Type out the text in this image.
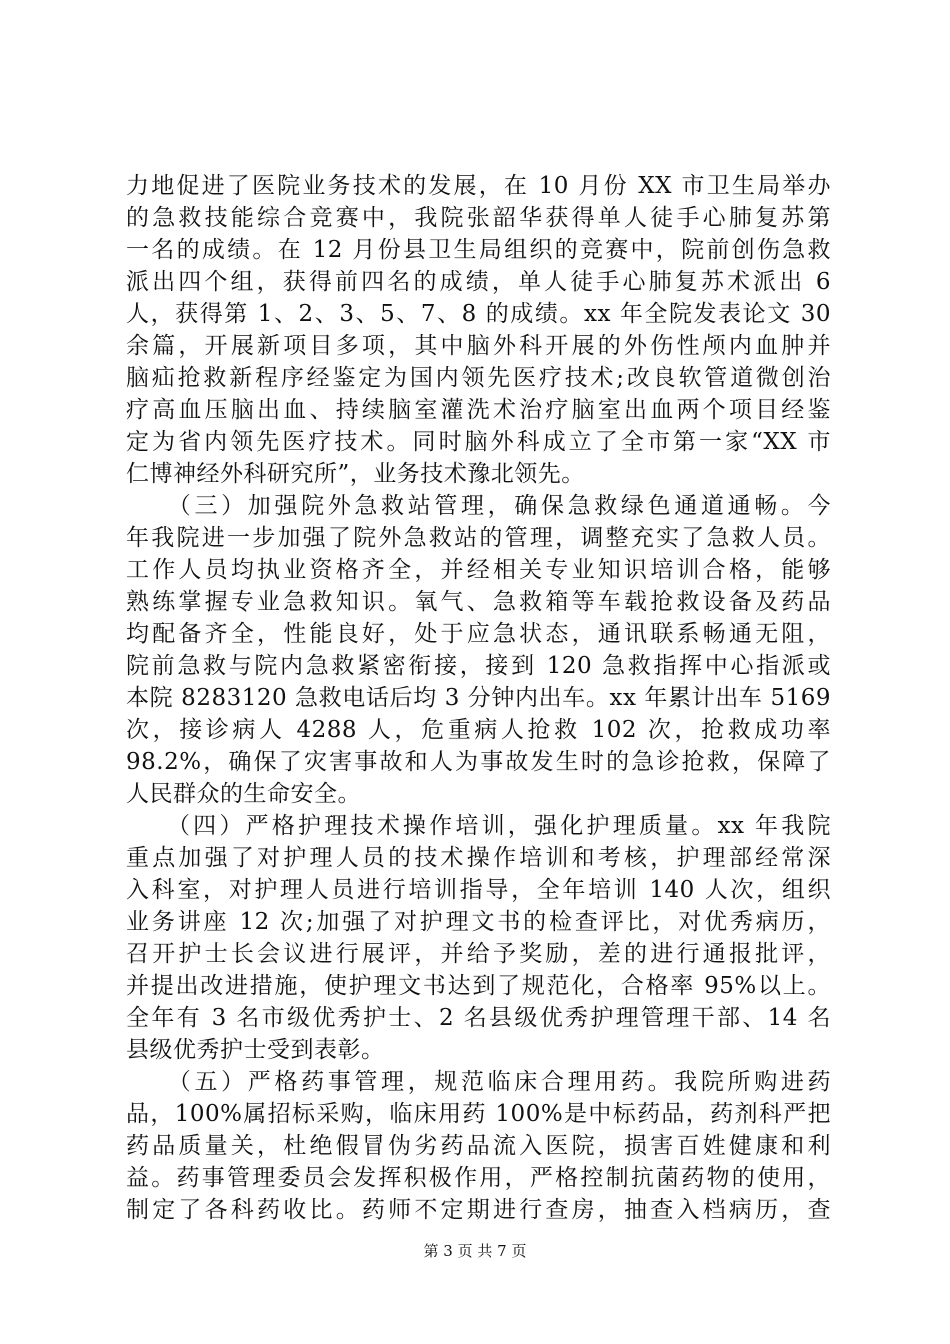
力地促进了医院业务技术的发展，在 10 月份 XX 市卫生局举办
的急救技能综合竞赛中，我院张韶华获得单人徒手心肺复苏第
一名的成绩。在 12 月份县卫生局组织的竞赛中，院前创伤急救
派出四个组，获得前四名的成绩，单人徒手心肺复苏术派出 6
人，获得第 1、2、3、5、7、8 的成绩。xx 年全院发表论文 30
余篇，开展新项目多项，其中脑外科开展的外伤性颅内血肿并
脑疝抢救新程序经鉴定为国内领先医疗技术;改良软管道微创治
疗高血压脑出血、持续脑室灌洗术治疗脑室出血两个项目经鉴
定为省内领先医疗技术。同时脑外科成立了全市第一家“XX 市
仁博神经外科研究所”，业务技术豫北领先。
　　（三）加强院外急救站管理，确保急救绿色通道通畅。今
年我院进一步加强了院外急救站的管理，调整充实了急救人员。
工作人员均执业资格齐全，并经相关专业知识培训合格，能够
熟练掌握专业急救知识。氧气、急救箱等车载抢救设备及药品
均配备齐全，性能良好，处于应急状态，通讯联系畅通无阻，
院前急救与院内急救紧密衔接，接到 120 急救指挥中心指派或
本院 8283120 急救电话后均 3 分钟内出车。xx 年累计出车 5169
次，接诊病人 4288 人，危重病人抢救 102 次，抢救成功率
98.2%，确保了灾害事故和人为事故发生时的急诊抢救，保障了
人民群众的生命安全。
　　（四）严格护理技术操作培训，强化护理质量。xx 年我院
重点加强了对护理人员的技术操作培训和考核，护理部经常深
入科室，对护理人员进行培训指导，全年培训 140 人次，组织
业务讲座 12 次;加强了对护理文书的检查评比，对优秀病历，
召开护士长会议进行展评，并给予奖励，差的进行通报批评，
并提出改进措施，使护理文书达到了规范化，合格率 95%以上。
全年有 3 名市级优秀护士、2 名县级优秀护理管理干部、14 名
县级优秀护士受到表彰。
　　（五）严格药事管理，规范临床合理用药。我院所购进药
品，100%属招标采购，临床用药 100%是中标药品，药剂科严把
药品质量关，杜绝假冒伪劣药品流入医院，损害百姓健康和利
益。药事管理委员会发挥积极作用，严格控制抗菌药物的使用，
制定了各科药收比。药师不定期进行查房，抽查入档病历，查
第 3 页 共 7 页
